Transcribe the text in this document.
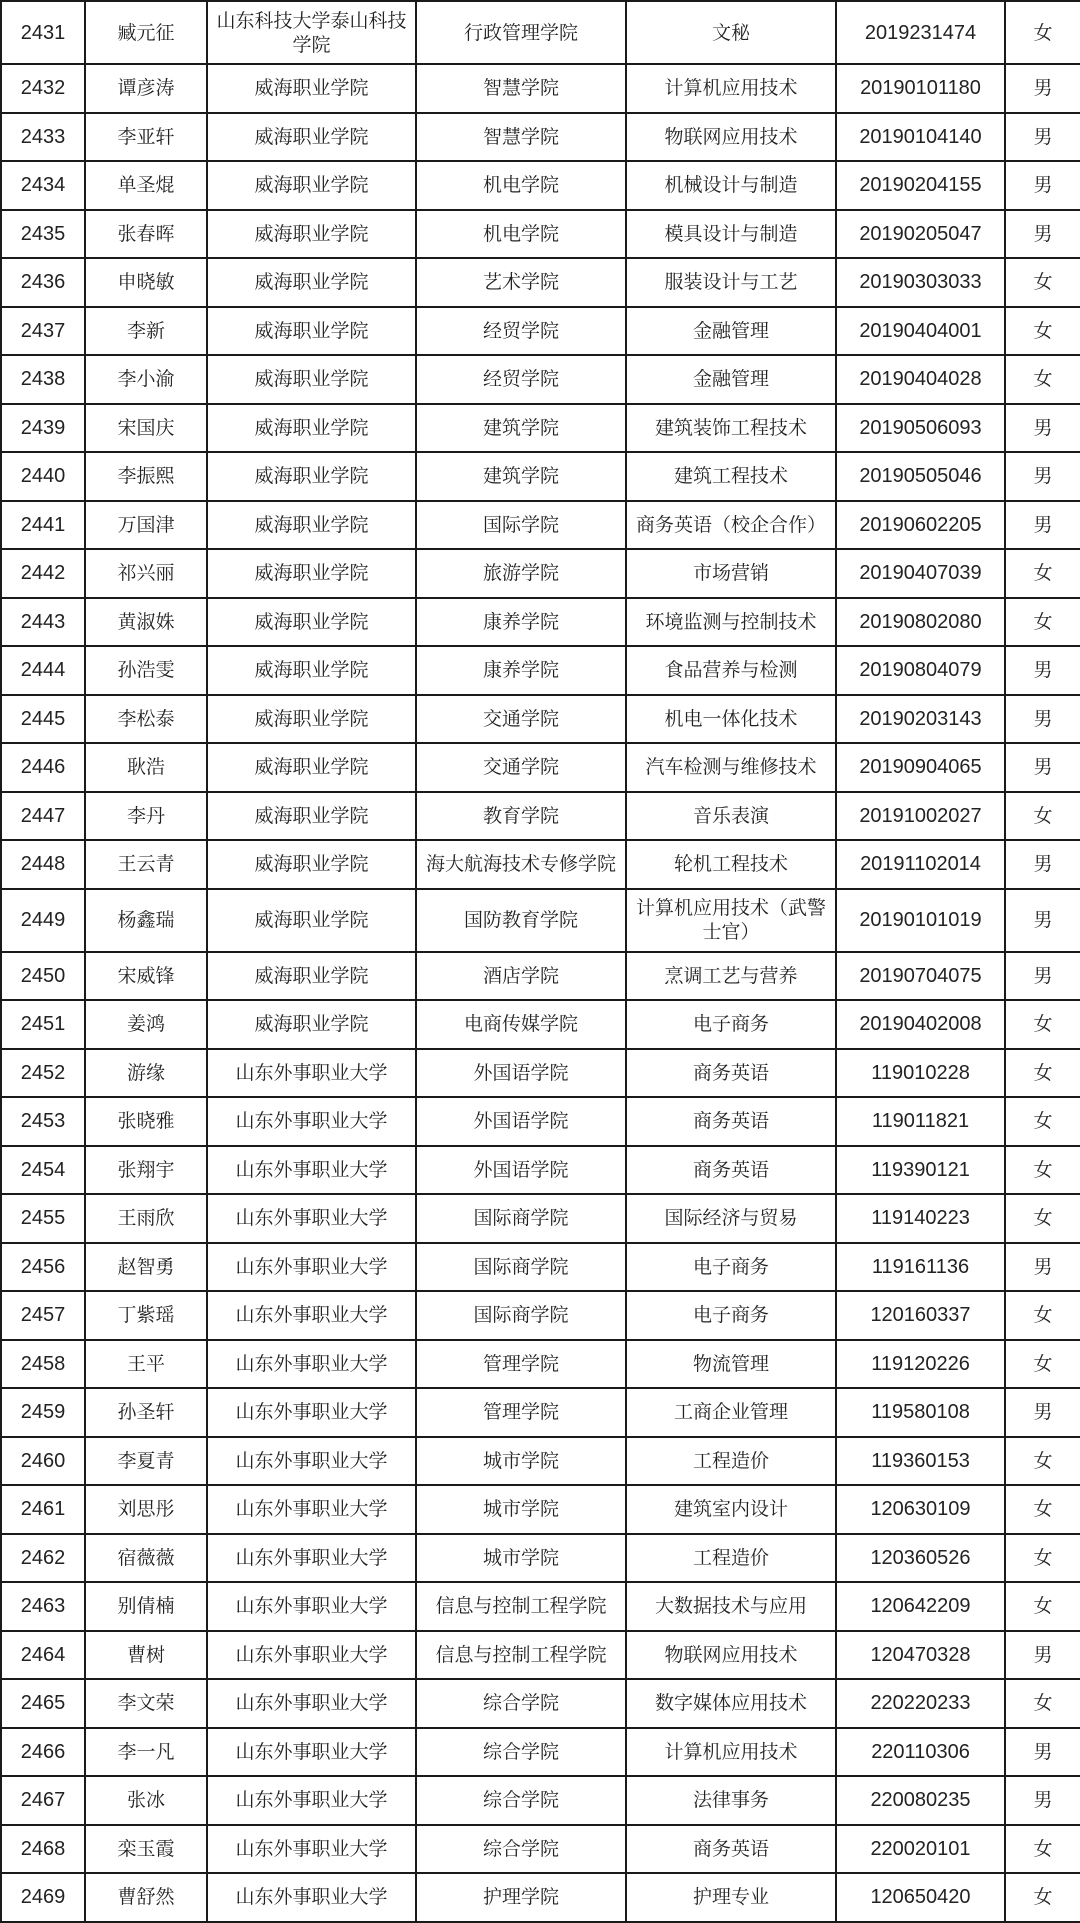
2431	臧元征	山东科技大学泰山科技学院	行政管理学院	文秘	2019231474	女
2432	谭彦涛	威海职业学院	智慧学院	计算机应用技术	20190101180	男
2433	李亚轩	威海职业学院	智慧学院	物联网应用技术	20190104140	男
2434	单圣焜	威海职业学院	机电学院	机械设计与制造	20190204155	男
2435	张春晖	威海职业学院	机电学院	模具设计与制造	20190205047	男
2436	申晓敏	威海职业学院	艺术学院	服装设计与工艺	20190303033	女
2437	李新	威海职业学院	经贸学院	金融管理	20190404001	女
2438	李小渝	威海职业学院	经贸学院	金融管理	20190404028	女
2439	宋国庆	威海职业学院	建筑学院	建筑装饰工程技术	20190506093	男
2440	李振熙	威海职业学院	建筑学院	建筑工程技术	20190505046	男
2441	万国津	威海职业学院	国际学院	商务英语（校企合作）	20190602205	男
2442	祁兴丽	威海职业学院	旅游学院	市场营销	20190407039	女
2443	黄淑姝	威海职业学院	康养学院	环境监测与控制技术	20190802080	女
2444	孙浩雯	威海职业学院	康养学院	食品营养与检测	20190804079	男
2445	李松泰	威海职业学院	交通学院	机电一体化技术	20190203143	男
2446	耿浩	威海职业学院	交通学院	汽车检测与维修技术	20190904065	男
2447	李丹	威海职业学院	教育学院	音乐表演	20191002027	女
2448	王云青	威海职业学院	海大航海技术专修学院	轮机工程技术	20191102014	男
2449	杨鑫瑞	威海职业学院	国防教育学院	计算机应用技术（武警士官）	20190101019	男
2450	宋威锋	威海职业学院	酒店学院	烹调工艺与营养	20190704075	男
2451	姜鸿	威海职业学院	电商传媒学院	电子商务	20190402008	女
2452	游缘	山东外事职业大学	外国语学院	商务英语	119010228	女
2453	张晓雅	山东外事职业大学	外国语学院	商务英语	119011821	女
2454	张翔宇	山东外事职业大学	外国语学院	商务英语	119390121	女
2455	王雨欣	山东外事职业大学	国际商学院	国际经济与贸易	119140223	女
2456	赵智勇	山东外事职业大学	国际商学院	电子商务	119161136	男
2457	丁紫瑶	山东外事职业大学	国际商学院	电子商务	120160337	女
2458	王平	山东外事职业大学	管理学院	物流管理	119120226	女
2459	孙圣轩	山东外事职业大学	管理学院	工商企业管理	119580108	男
2460	李夏青	山东外事职业大学	城市学院	工程造价	119360153	女
2461	刘思彤	山东外事职业大学	城市学院	建筑室内设计	120630109	女
2462	宿薇薇	山东外事职业大学	城市学院	工程造价	120360526	女
2463	别倩楠	山东外事职业大学	信息与控制工程学院	大数据技术与应用	120642209	女
2464	曹树	山东外事职业大学	信息与控制工程学院	物联网应用技术	120470328	男
2465	李文荣	山东外事职业大学	综合学院	数字媒体应用技术	220220233	女
2466	李一凡	山东外事职业大学	综合学院	计算机应用技术	220110306	男
2467	张冰	山东外事职业大学	综合学院	法律事务	220080235	男
2468	栾玉霞	山东外事职业大学	综合学院	商务英语	220020101	女
2469	曹舒然	山东外事职业大学	护理学院	护理专业	120650420	女
